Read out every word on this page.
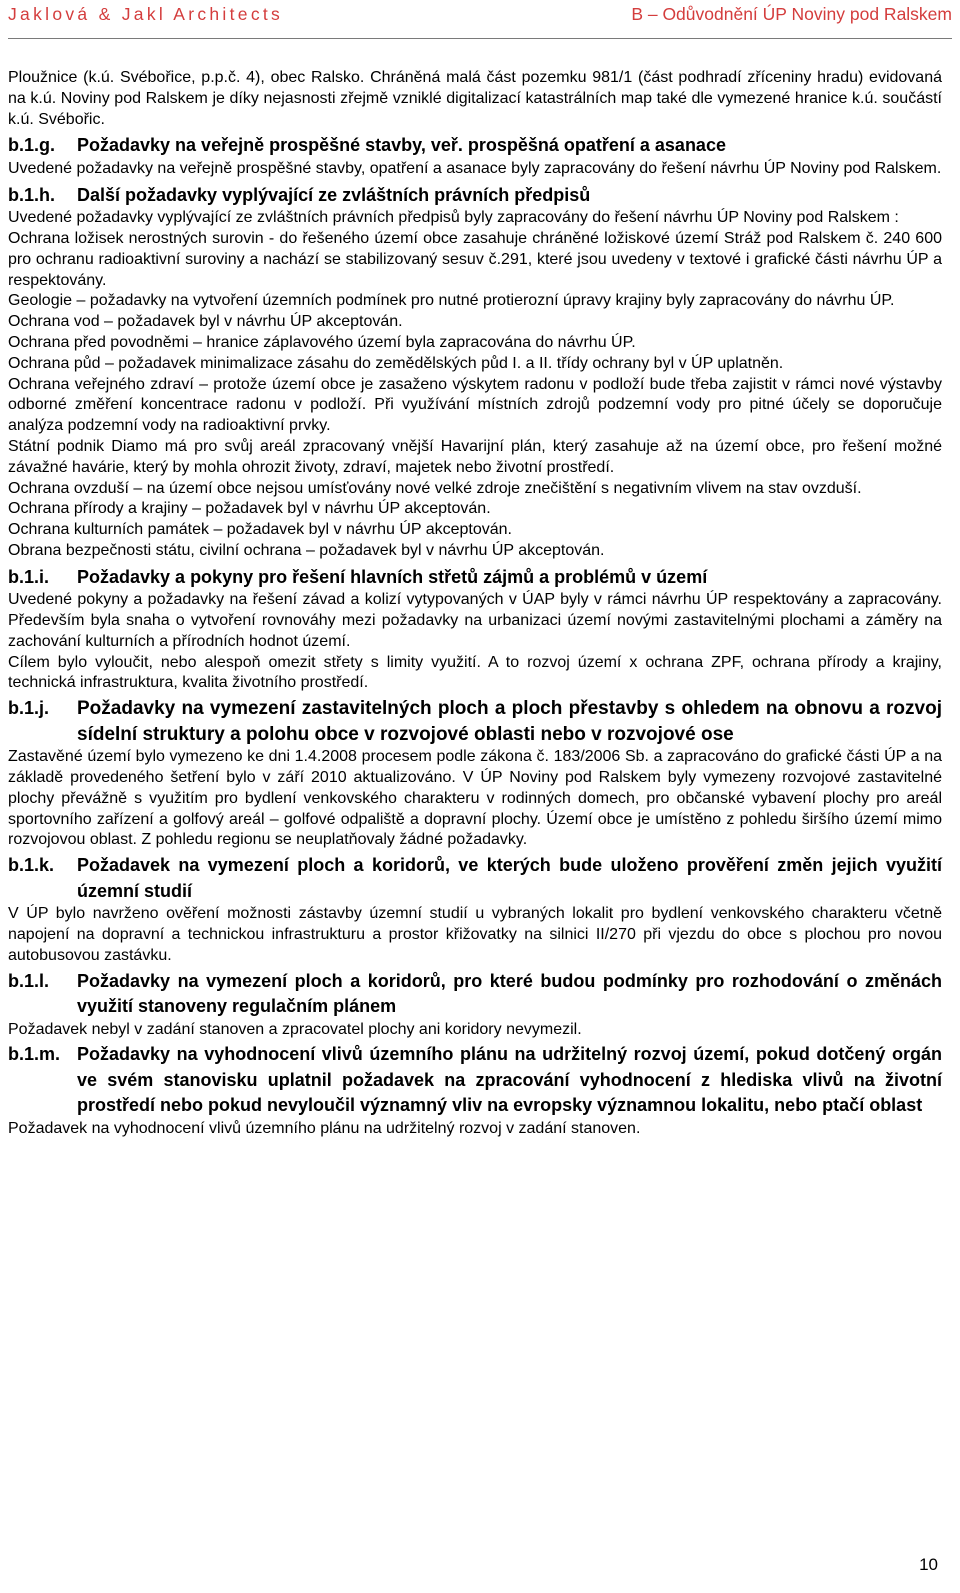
Jaklová & Jakl Architects	B – Odůvodnění ÚP Noviny pod Ralskem

Ploužnice (k.ú. Svébořice, p.p.č. 4), obec Ralsko. Chráněná malá část pozemku 981/1 (část podhradí zříceniny hradu) evidovaná na k.ú. Noviny pod Ralskem je díky nejasnosti zřejmě vzniklé digitalizací katastrálních map také dle vymezené hranice k.ú. součástí k.ú. Svébořic.

b.1.g.	Požadavky na veřejně prospěšné stavby, veř. prospěšná opatření a asanace

Uvedené požadavky na veřejně prospěšné stavby, opatření a asanace byly zapracovány do řešení návrhu ÚP Noviny pod Ralskem.

b.1.h.	Další požadavky vyplývající ze zvláštních právních předpisů

Uvedené požadavky vyplývající ze zvláštních právních předpisů byly zapracovány do řešení návrhu ÚP Noviny pod Ralskem :

Ochrana ložisek nerostných surovin - do řešeného území obce zasahuje chráněné ložiskové území Stráž pod Ralskem č. 240 600 pro ochranu radioaktivní suroviny a nachází se stabilizovaný sesuv č.291, které jsou uvedeny v textové i grafické části návrhu ÚP a respektovány.

Geologie – požadavky na vytvoření územních podmínek pro nutné protierozní úpravy krajiny byly zapracovány do návrhu ÚP.

Ochrana vod – požadavek byl v návrhu ÚP akceptován.

Ochrana před povodněmi – hranice záplavového území byla zapracována do návrhu ÚP.

Ochrana půd – požadavek minimalizace zásahu do zemědělských půd I. a II. třídy ochrany byl v ÚP uplatněn.

Ochrana veřejného zdraví – protože území obce je zasaženo výskytem radonu v podloží bude třeba zajistit v rámci nové výstavby odborné změření koncentrace radonu v podloží. Při využívání místních zdrojů podzemní vody pro pitné účely se doporučuje analýza podzemní vody na radioaktivní prvky.

Státní podnik Diamo má pro svůj areál zpracovaný vnější Havarijní plán, který zasahuje až na území obce, pro řešení možné závažné havárie, který by mohla ohrozit životy, zdraví, majetek nebo životní prostředí.

Ochrana ovzduší – na území obce nejsou umísťovány nové velké zdroje znečištění s negativním vlivem na stav ovzduší.

Ochrana přírody a krajiny – požadavek byl v návrhu ÚP akceptován.

Ochrana kulturních památek – požadavek byl v návrhu ÚP akceptován.

Obrana bezpečnosti státu, civilní ochrana – požadavek byl v návrhu ÚP akceptován.

b.1.i.	Požadavky a pokyny pro řešení hlavních střetů zájmů a problémů v území

Uvedené pokyny a požadavky na řešení závad a kolizí vytypovaných v ÚAP byly v rámci návrhu ÚP respektovány a zapracovány. Především byla snaha o vytvoření rovnováhy mezi požadavky na urbanizaci území novými zastavitelnými plochami a záměry na zachování kulturních a přírodních hodnot území.

Cílem bylo vyloučit, nebo alespoň omezit střety s limity využití. A to rozvoj území x ochrana ZPF, ochrana přírody a krajiny, technická infrastruktura, kvalita životního prostředí.

b.1.j.	Požadavky na vymezení zastavitelných ploch a ploch přestavby s ohledem na obnovu a rozvoj sídelní struktury a polohu obce v rozvojové oblasti nebo v rozvojové ose

Zastavěné území bylo vymezeno ke dni 1.4.2008 procesem podle zákona č. 183/2006 Sb. a zapracováno do grafické části ÚP a na základě provedeného šetření bylo v září 2010 aktualizováno. V ÚP Noviny pod Ralskem byly vymezeny rozvojové zastavitelné plochy převážně s využitím pro bydlení venkovského charakteru v rodinných domech, pro občanské vybavení plochy pro areál sportovního zařízení a golfový areál – golfové odpaliště a dopravní plochy. Území obce je umístěno z pohledu širšího území mimo rozvojovou oblast. Z pohledu regionu se neuplatňovaly žádné požadavky.

b.1.k.	Požadavek na vymezení ploch a koridorů, ve kterých bude uloženo prověření změn jejich využití územní studií

V ÚP bylo navrženo ověření možnosti zástavby územní studií u vybraných lokalit pro bydlení venkovského charakteru včetně napojení na dopravní a technickou infrastrukturu a prostor křižovatky na silnici II/270 při vjezdu do obce s plochou pro novou autobusovou zastávku.

b.1.l.	Požadavky na vymezení ploch a koridorů, pro které budou podmínky pro rozhodování o změnách využití stanoveny regulačním plánem

Požadavek nebyl v zadání stanoven a zpracovatel plochy ani koridory nevymezil.

b.1.m. Požadavky na vyhodnocení vlivů územního plánu na udržitelný rozvoj území, pokud dotčený orgán ve svém stanovisku uplatnil požadavek na zpracování vyhodnocení z hlediska vlivů na životní prostředí nebo pokud nevyloučil významný vliv na evropsky významnou lokalitu, nebo ptačí oblast

Požadavek na vyhodnocení vlivů územního plánu na udržitelný rozvoj v zadání stanoven.

10
